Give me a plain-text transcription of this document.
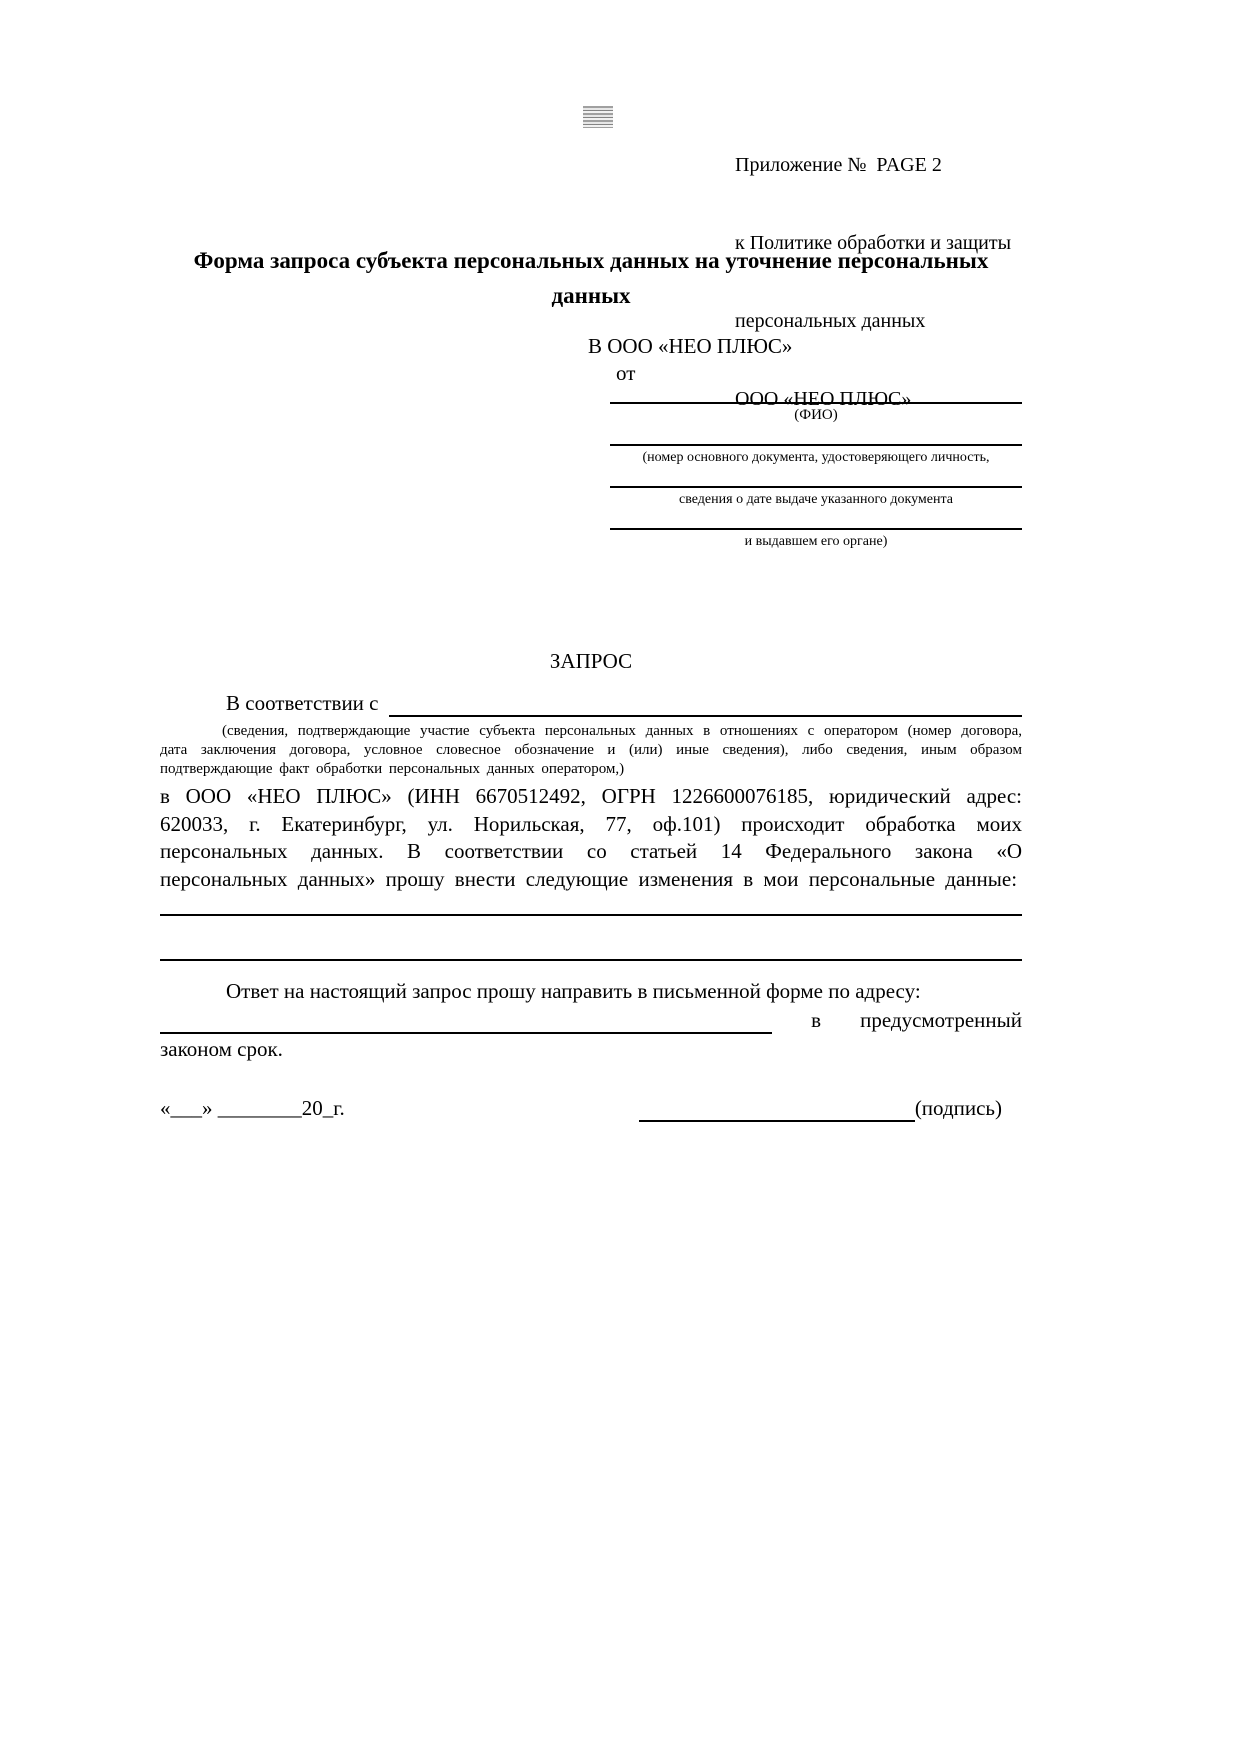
Приложение №  PAGE 2

к Политике обработки и защиты

персональных данных

ООО «НЕО ПЛЮС»

Форма запроса субъекта персональных данных на уточнение персональных данных
В ООО «НЕО ПЛЮС»
от
(ФИО)
(номер основного документа, удостоверяющего личность,
сведения о дате выдаче указанного документа
и выдавшем его органе)
ЗАПРОС
В соответствии с
(сведения, подтверждающие участие субъекта персональных данных в отношениях с оператором (номер договора, дата заключения договора, условное словесное обозначение и (или) иные сведения), либо сведения, иным образом подтверждающие факт обработки персональных данных оператором,)
в ООО «НЕО ПЛЮС» (ИНН 6670512492, ОГРН 1226600076185, юридический адрес: 620033, г. Екатеринбург, ул. Норильская, 77, оф.101) происходит обработка моих персональных данных. В соответствии со статьей 14 Федерального закона «О персональных данных» прошу внести следующие изменения в мои персональные данные:
Ответ на настоящий запрос прошу направить в письменной форме по адресу:
в предусмотренный
законом срок.
«___» ________20_г.	(подпись)
